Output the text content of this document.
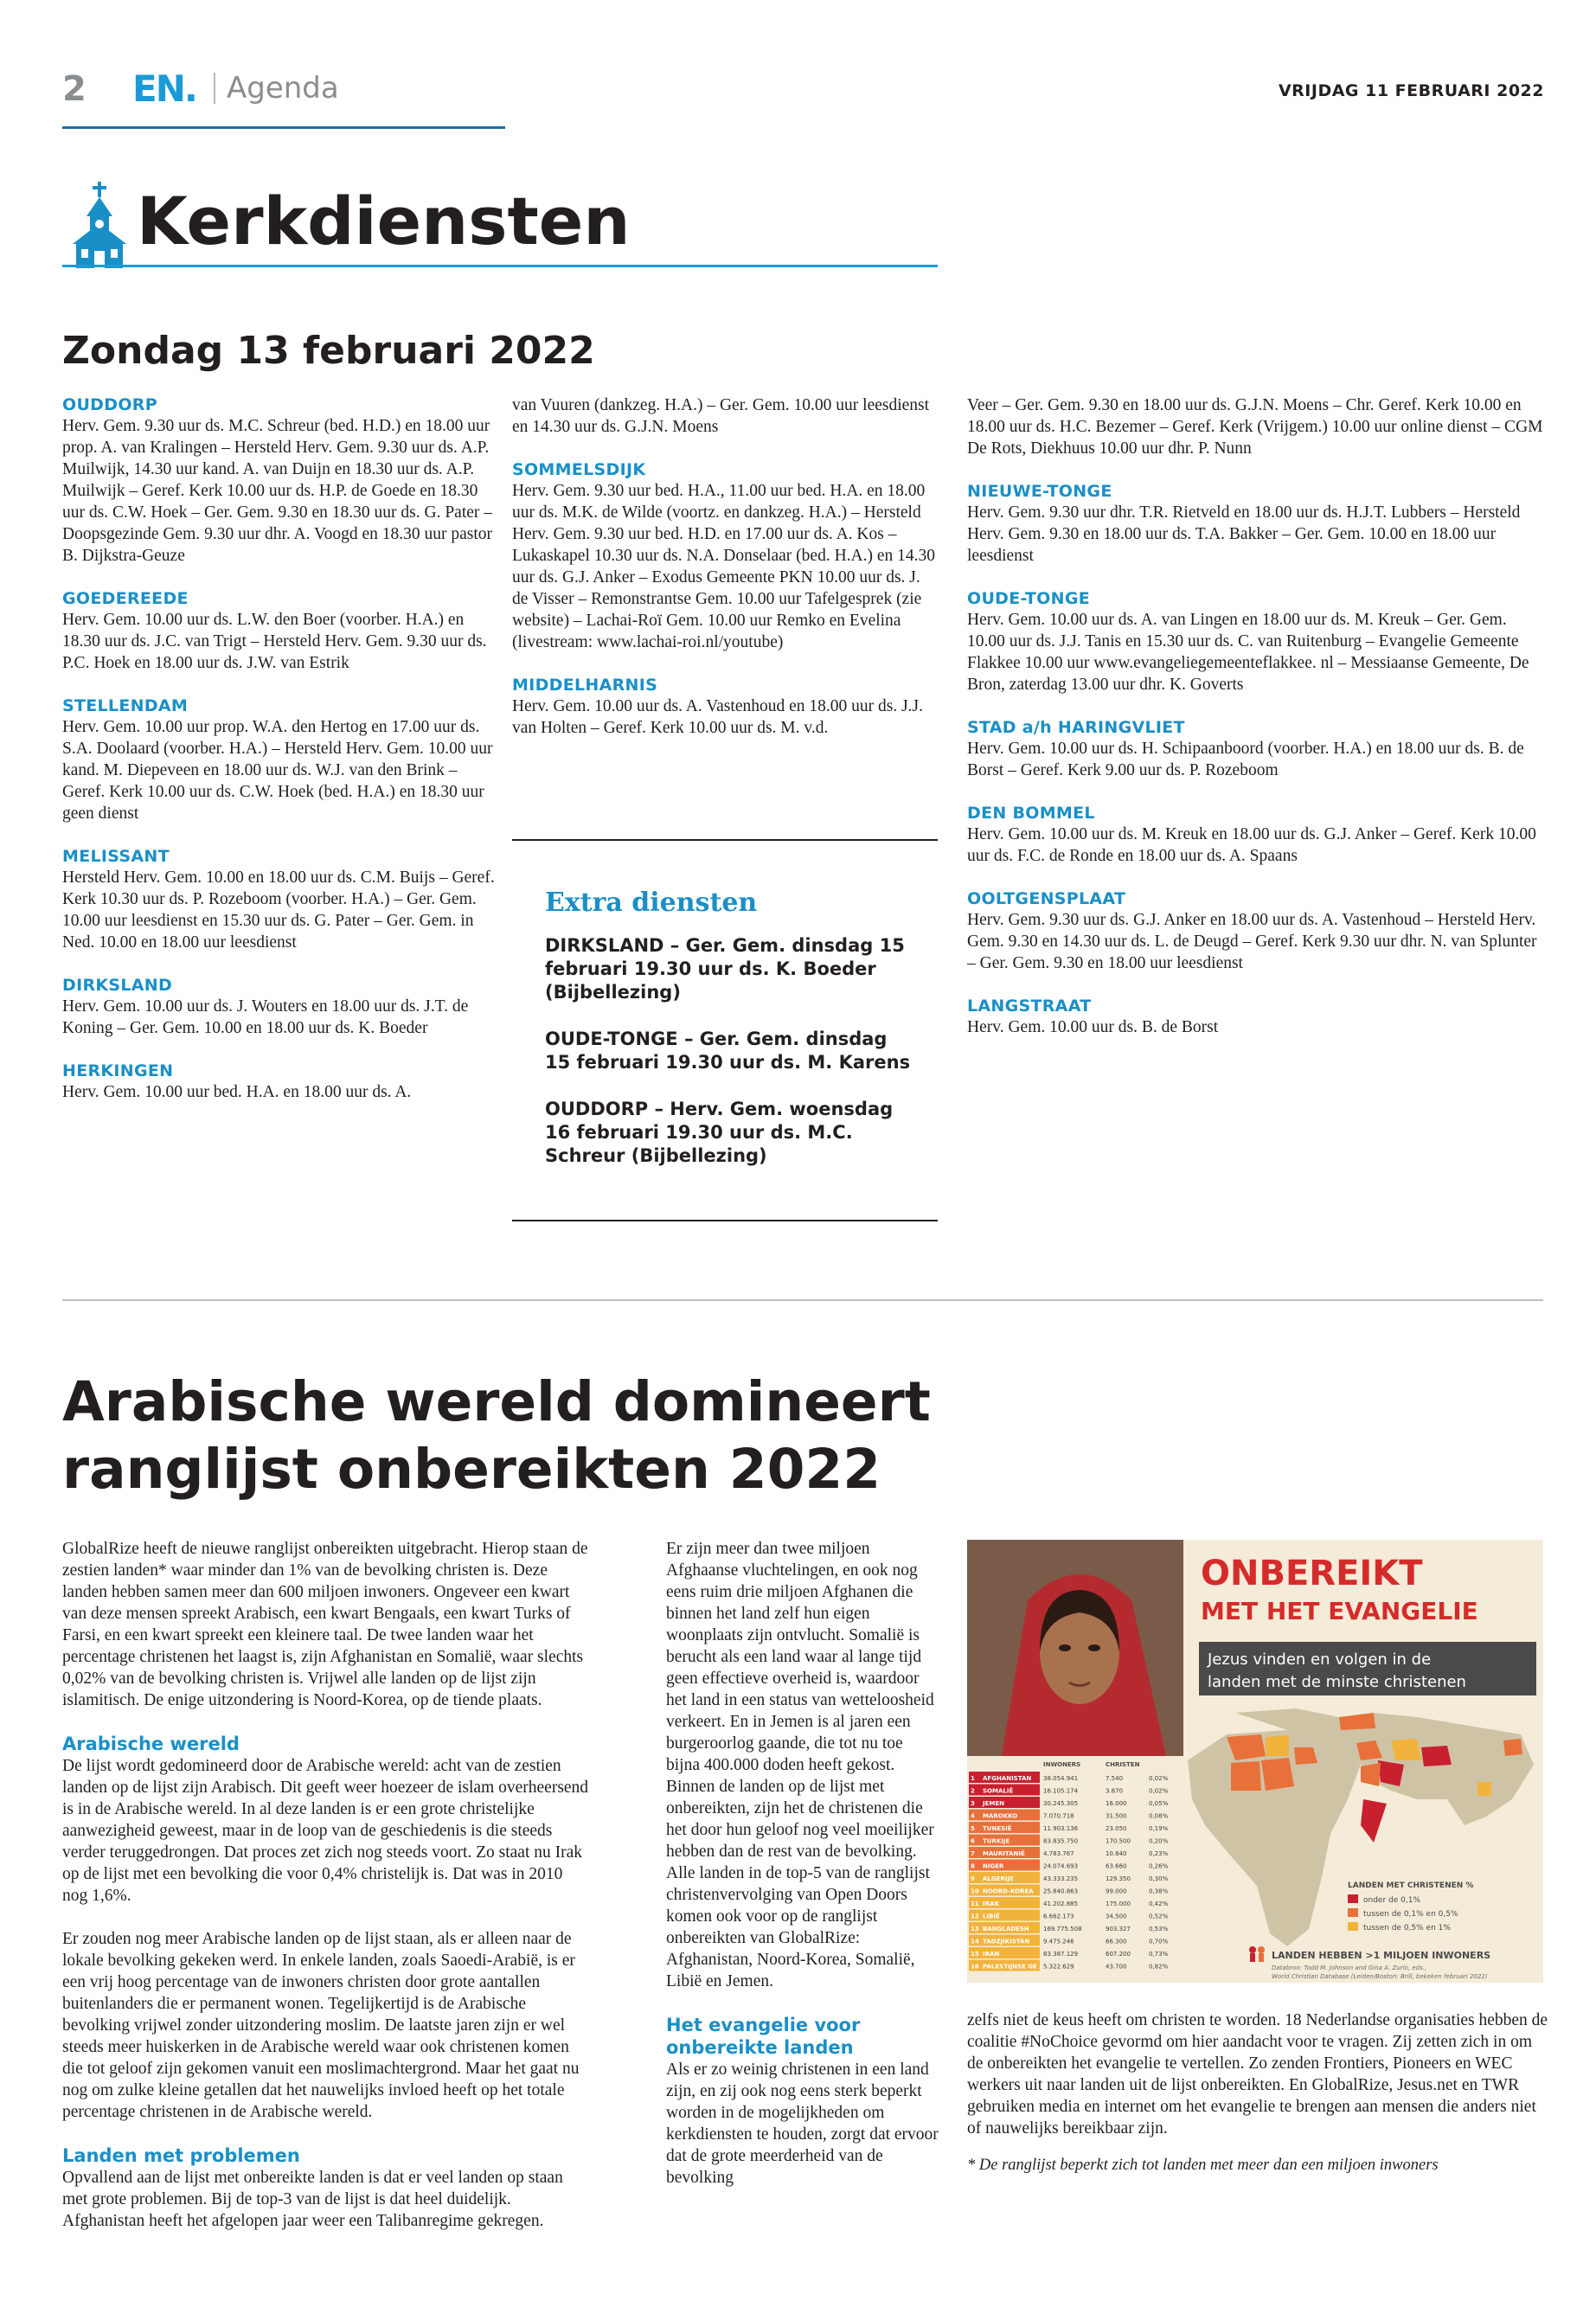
2 EN. Agenda	VRIJDAG 11 FEBRUARI 2022
Kerkdiensten
Zondag 13 februari 2022
OUDDORP

Herv. Gem. 9.30 uur ds. M.C. Schreur (bed. H.D.) en 18.00 uur prop. A. van Kralingen – Hersteld Herv. Gem. 9.30 uur ds. A.P. Muilwijk, 14.30 uur kand. A. van Duijn en 18.30 uur ds. A.P. Muilwijk – Geref. Kerk 10.00 uur ds. H.P. de Goede en 18.30 uur ds. C.W. Hoek – Ger. Gem. 9.30 en 18.30 uur ds. G. Pater – Doopsgezinde Gem. 9.30 uur dhr. A. Voogd en 18.30 uur pastor B. Dijkstra-Geuze

GOEDEREEDE

Herv. Gem. 10.00 uur ds. L.W. den Boer (voorber. H.A.) en 18.30 uur ds. J.C. van Trigt – Hersteld Herv. Gem. 9.30 uur ds. P.C. Hoek en 18.00 uur ds. J.W. van Estrik

STELLENDAM

Herv. Gem. 10.00 uur prop. W.A. den Hertog en 17.00 uur ds. S.A. Doolaard (voorber. H.A.) – Hersteld Herv. Gem. 10.00 uur kand. M. Diepeveen en 18.00 uur ds. W.J. van den Brink – Geref. Kerk 10.00 uur ds. C.W. Hoek (bed. H.A.) en 18.30 uur geen dienst

MELISSANT

Hersteld Herv. Gem. 10.00 en 18.00 uur ds. C.M. Buijs – Geref. Kerk 10.30 uur ds. P. Rozeboom (voorber. H.A.) – Ger. Gem. 10.00 uur leesdienst en 15.30 uur ds. G. Pater – Ger. Gem. in Ned. 10.00 en 18.00 uur leesdienst

DIRKSLAND

Herv. Gem. 10.00 uur ds. J. Wouters en 18.00 uur ds. J.T. de Koning – Ger. Gem. 10.00 en 18.00 uur ds. K. Boeder

HERKINGEN

Herv. Gem. 10.00 uur bed. H.A. en 18.00 uur ds. A.

van Vuuren (dankzeg. H.A.) – Ger. Gem. 10.00 uur leesdienst en 14.30 uur ds. G.J.N. Moens

SOMMELSDIJK

Herv. Gem. 9.30 uur bed. H.A., 11.00 uur bed. H.A. en 18.00 uur ds. M.K. de Wilde (voortz. en dankzeg. H.A.) – Hersteld Herv. Gem. 9.30 uur bed. H.D. en 17.00 uur ds. A. Kos – Lukaskapel 10.30 uur ds. N.A. Donselaar (bed. H.A.) en 14.30 uur ds. G.J. Anker – Exodus Gemeente PKN 10.00 uur ds. J. de Visser – Remonstrantse Gem. 10.00 uur Tafelgesprek (zie website) – Lachai-Roï Gem. 10.00 uur Remko en Evelina (livestream: www.lachai-roi.nl/youtube)

MIDDELHARNIS

Herv. Gem. 10.00 uur ds. A. Vastenhoud en 18.00 uur ds. J.J. van Holten – Geref. Kerk 10.00 uur ds. M. v.d.

Extra diensten

DIRKSLAND – Ger. Gem. dinsdag 15 februari 19.30 uur ds. K. Boeder (Bijbellezing)

OUDE-TONGE – Ger. Gem. dinsdag 15 februari 19.30 uur ds. M. Karens

OUDDORP – Herv. Gem. woensdag 16 februari 19.30 uur ds. M.C. Schreur (Bijbellezing)

Veer – Ger. Gem. 9.30 en 18.00 uur ds. G.J.N. Moens – Chr. Geref. Kerk 10.00 en 18.00 uur ds. H.C. Bezemer – Geref. Kerk (Vrijgem.) 10.00 uur online dienst – CGM De Rots, Diekhuus 10.00 uur dhr. P. Nunn

NIEUWE-TONGE

Herv. Gem. 9.30 uur dhr. T.R. Rietveld en 18.00 uur ds. H.J.T. Lubbers – Hersteld Herv. Gem. 9.30 en 18.00 uur ds. T.A. Bakker – Ger. Gem. 10.00 en 18.00 uur leesdienst

OUDE-TONGE

Herv. Gem. 10.00 uur ds. A. van Lingen en 18.00 uur ds. M. Kreuk – Ger. Gem. 10.00 uur ds. J.J. Tanis en 15.30 uur ds. C. van Ruitenburg – Evangelie Gemeente Flakkee 10.00 uur www.evangeliegemeenteflakkee. nl – Messiaanse Gemeente, De Bron, zaterdag 13.00 uur dhr. K. Goverts

STAD a/h HARINGVLIET

Herv. Gem. 10.00 uur ds. H. Schipaanboord (voorber. H.A.) en 18.00 uur ds. B. de Borst – Geref. Kerk 9.00 uur ds. P. Rozeboom

DEN BOMMEL

Herv. Gem. 10.00 uur ds. M. Kreuk en 18.00 uur ds. G.J. Anker – Geref. Kerk 10.00 uur ds. F.C. de Ronde en 18.00 uur ds. A. Spaans

OOLTGENSPLAAT

Herv. Gem. 9.30 uur ds. G.J. Anker en 18.00 uur ds. A. Vastenhoud – Hersteld Herv. Gem. 9.30 en 14.30 uur ds. L. de Deugd – Geref. Kerk 9.30 uur dhr. N. van Splunter – Ger. Gem. 9.30 en 18.00 uur leesdienst

LANGSTRAAT

Herv. Gem. 10.00 uur ds. B. de Borst

Arabische wereld domineert
ranglijst onbereikten 2022

GlobalRize heeft de nieuwe ranglijst onbereikten uitgebracht. Hierop staan de zestien landen* waar minder dan 1% van de bevolking christen is. Deze landen hebben samen meer dan 600 miljoen inwoners. Ongeveer een kwart van deze mensen spreekt Arabisch, een kwart Bengaals, een kwart Turks of Farsi, en een kwart spreekt een kleinere taal. De twee landen waar het percentage christenen het laagst is, zijn Afghanistan en Somalië, waar slechts 0,02% van de bevolking christen is. Vrijwel alle landen op de lijst zijn islamitisch. De enige uitzondering is Noord-Korea, op de tiende plaats.

Arabische wereld

De lijst wordt gedomineerd door de Arabische wereld: acht van de zestien landen op de lijst zijn Arabisch. Dit geeft weer hoezeer de islam overheersend is in de Arabische wereld. In al deze landen is er een grote christelijke aanwezigheid geweest, maar in de loop van de geschiedenis is die steeds verder teruggedrongen. Dat proces zet zich nog steeds voort. Zo staat nu Irak op de lijst met een bevolking die voor 0,4% christelijk is. Dat was in 2010 nog 1,6%.

Er zouden nog meer Arabische landen op de lijst staan, als er alleen naar de lokale bevolking gekeken werd. In enkele landen, zoals Saoedi-Arabië, is er een vrij hoog percentage van de inwoners christen door grote aantallen buitenlanders die er permanent wonen. Tegelijkertijd is de Arabische bevolking vrijwel zonder uitzondering moslim. De laatste jaren zijn er wel steeds meer huiskerken in de Arabische wereld waar ook christenen komen die tot geloof zijn gekomen vanuit een moslimachtergrond. Maar het gaat nu nog om zulke kleine getallen dat het nauwelijks invloed heeft op het totale percentage christenen in de Arabische wereld.

Landen met problemen

Opvallend aan de lijst met onbereikte landen is dat er veel landen op staan met grote problemen. Bij de top-3 van de lijst is dat heel duidelijk. Afghanistan heeft het afgelopen jaar weer een Talibanregime gekregen.

Er zijn meer dan twee miljoen Afghaanse vluchtelingen, en ook nog eens ruim drie miljoen Afghanen die binnen het land zelf hun eigen woonplaats zijn ontvlucht. Somalië is berucht als een land waar al lange tijd geen effectieve overheid is, waardoor het land in een status van wetteloosheid verkeert. En in Jemen is al jaren een burgeroorlog gaande, die tot nu toe bijna 400.000 doden heeft gekost. Binnen de landen op de lijst met onbereikten, zijn het de christenen die het door hun geloof nog veel moeilijker hebben dan de rest van de bevolking. Alle landen in de top-5 van de ranglijst christenvervolging van Open Doors komen ook voor op de ranglijst onbereikten van GlobalRize: Afghanistan, Noord-Korea, Somalië, Libië en Jemen.

Het evangelie voor onbereikte landen

Als er zo weinig christenen in een land zijn, en zij ook nog eens sterk beperkt worden in de mogelijkheden om kerkdiensten te houden, zorgt dat ervoor dat de grote meerderheid van de bevolking

ONBEREIKT
MET HET EVANGELIE
Jezus vinden en volgen in de
landen met de minste christenen
INWONERS	CHRISTEN
1 AFGHANISTAN 38.054.941	7.540	0,02%
2 SOMALIË	16.105.174	3.870	0,02%
3 JEMEN	30.245.305	16.000	0,05%
4 MAROKKO	7.070.718	31.500	0,08%
5 TUNESIË	11.903.136	23.050	0,19%
6 TURKIJE	83.835.750	170.500	0,20%
7 MAURITANIË	4.783.767	10.840	0,23%
8 NIGER	24.074.693	63.660	0,26%
9 ALGERIJE	43.333.235	129.350	0,30%
10 NOORD-KOREA 25.840.863	99.000	0,38%
11 IRAK	41.202.885	175.000	0,42%
12 LIBIË	6.662.173	34.500	0,52%
13 BANGLADESH 169.775.508	903.327	0,53%
14 TADZJIKISTAN 9.475.246	66.300	0,70%
15 IRAN	83.387.129	607.200	0,73%
16 PALESTIJNSE GE 5.322.629	43.700	0,82%
LANDEN MET CHRISTENEN %
onder de 0,1%
tussen de 0,1% en 0,5%
tussen de 0,5% en 1%
LANDEN HEBBEN >1 MILJOEN INWONERS
Databron: Todd M. Johnson and Gina A. Zurlo, eds.,
World Christian Database (Leiden/Boston: Brill, bekeken februari 2022)

zelfs niet de keus heeft om christen te worden. 18 Nederlandse organisaties hebben de coalitie #NoChoice gevormd om hier aandacht voor te vragen. Zij zetten zich in om de onbereikten het evangelie te vertellen. Zo zenden Frontiers, Pioneers en WEC werkers uit naar landen uit de lijst onbereikten. En GlobalRize, Jesus.net en TWR gebruiken media en internet om het evangelie te brengen aan mensen die anders niet of nauwelijks bereikbaar zijn.

* De ranglijst beperkt zich tot landen met meer dan een miljoen inwoners
